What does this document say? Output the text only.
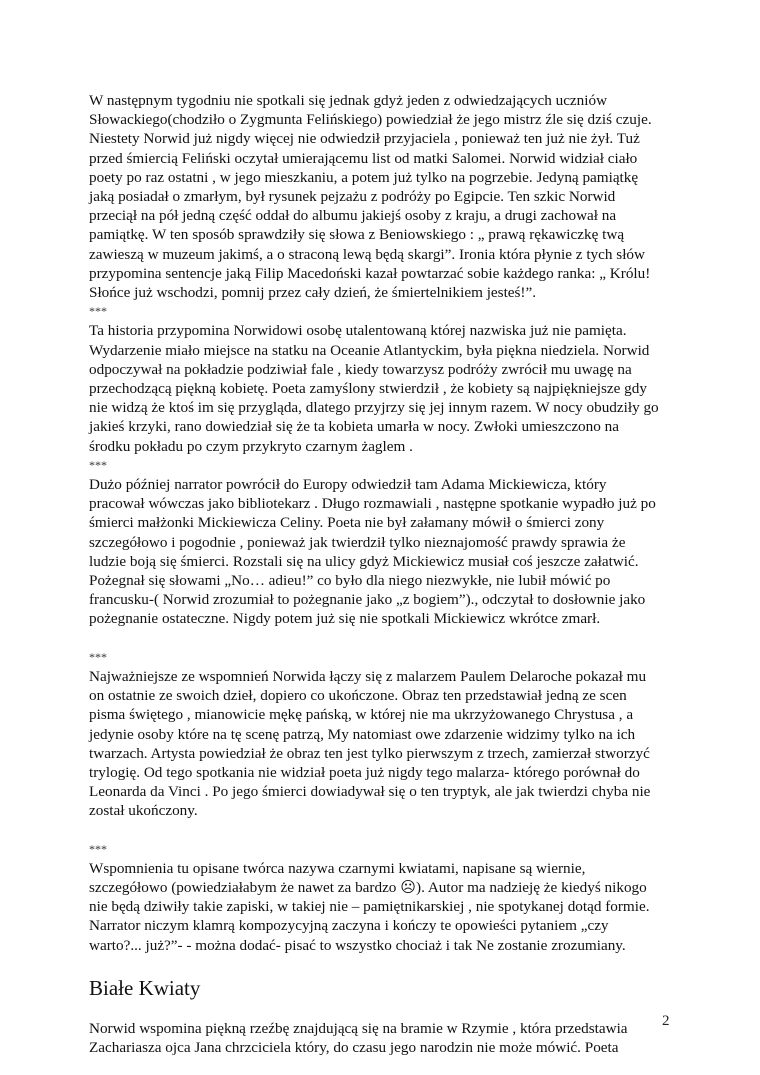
W następnym tygodniu nie spotkali się jednak gdyż jeden z odwiedzających uczniów
Słowackiego(chodziło o Zygmunta Felińskiego) powiedział że jego mistrz źle się dziś czuje.
Niestety Norwid już nigdy więcej nie odwiedził przyjaciela , ponieważ ten już nie żył. Tuż
przed śmiercią Feliński oczytał umierającemu list od matki Salomei. Norwid widział ciało
poety po raz ostatni , w jego mieszkaniu, a potem już tylko na pogrzebie. Jedyną pamiątkę
jaką posiadał o zmarłym, był rysunek pejzażu z podróży po Egipcie. Ten szkic Norwid
przeciął na pół jedną część oddał do albumu jakiejś osoby z kraju, a drugi zachował na
pamiątkę. W ten sposób sprawdziły się słowa z Beniowskiego : „ prawą rękawiczkę twą
zawieszą w muzeum jakimś, a o straconą lewą będą skargi”. Ironia która płynie z tych słów
przypomina sentencje jaką Filip Macedoński kazał powtarzać sobie każdego ranka: „ Królu!
Słońce już wschodzi, pomnij przez cały dzień, że śmiertelnikiem jesteś!”.
***
Ta historia przypomina Norwidowi osobę utalentowaną której nazwiska już nie pamięta.
Wydarzenie miało miejsce na statku na Oceanie Atlantyckim, była piękna niedziela. Norwid
odpoczywał na pokładzie podziwiał fale , kiedy towarzysz podróży zwrócił mu uwagę na
przechodzącą piękną kobietę. Poeta zamyślony stwierdził , że kobiety są najpiękniejsze gdy
nie widzą że ktoś im się przygląda, dlatego przyjrzy się jej innym razem. W nocy obudziły go
jakieś krzyki, rano dowiedział się że ta kobieta umarła w nocy. Zwłoki umieszczono na
środku pokładu po czym przykryto czarnym żaglem .
***
Dużo później narrator powrócił do Europy odwiedził tam Adama Mickiewicza, który
pracował wówczas jako bibliotekarz . Długo rozmawiali , następne spotkanie wypadło już po
śmierci małżonki Mickiewicza Celiny. Poeta nie był załamany mówił o śmierci zony
szczegółowo i pogodnie , ponieważ jak twierdził tylko nieznajomość prawdy sprawia że
ludzie boją się śmierci. Rozstali się na ulicy gdyż Mickiewicz musiał coś jeszcze załatwić.
Pożegnał się słowami „No… adieu!” co było dla niego niezwykłe, nie lubił mówić po
francusku-( Norwid zrozumiał to pożegnanie jako „z bogiem”)., odczytał to dosłownie jako
pożegnanie ostateczne. Nigdy potem już się nie spotkali Mickiewicz wkrótce zmarł.
***
Najważniejsze ze wspomnień Norwida łączy się z malarzem Paulem Delaroche pokazał mu
on ostatnie ze swoich dzieł, dopiero co ukończone. Obraz ten przedstawiał jedną ze scen
pisma świętego , mianowicie mękę pańską, w której nie ma ukrzyżowanego Chrystusa , a
jedynie osoby które na tę scenę patrzą, My natomiast owe zdarzenie widzimy tylko na ich
twarzach. Artysta powiedział że obraz ten jest tylko pierwszym z trzech, zamierzał stworzyć
trylogię. Od tego spotkania nie widział poeta już nigdy tego malarza- którego porównał do
Leonarda da Vinci . Po jego śmierci dowiadywał się o ten tryptyk, ale jak twierdzi chyba nie
został ukończony.
***
Wspomnienia tu opisane twórca nazywa czarnymi kwiatami, napisane są wiernie,
szczegółowo (powiedziałabym że nawet za bardzo ☹). Autor ma nadzieję że kiedyś nikogo
nie będą dziwiły takie zapiski, w takiej nie – pamiętnikarskiej , nie spotykanej dotąd formie.
Narrator niczym klamrą kompozycyjną zaczyna i kończy te opowieści pytaniem „czy
warto?... już?”- - można dodać- pisać to wszystko chociaż i tak Ne zostanie zrozumiany.
Białe Kwiaty
Norwid wspomina piękną rzeźbę znajdującą się na bramie w Rzymie , która przedstawia
Zachariasza ojca Jana chrzciciela który, do czasu jego narodzin nie może mówić. Poeta
2
